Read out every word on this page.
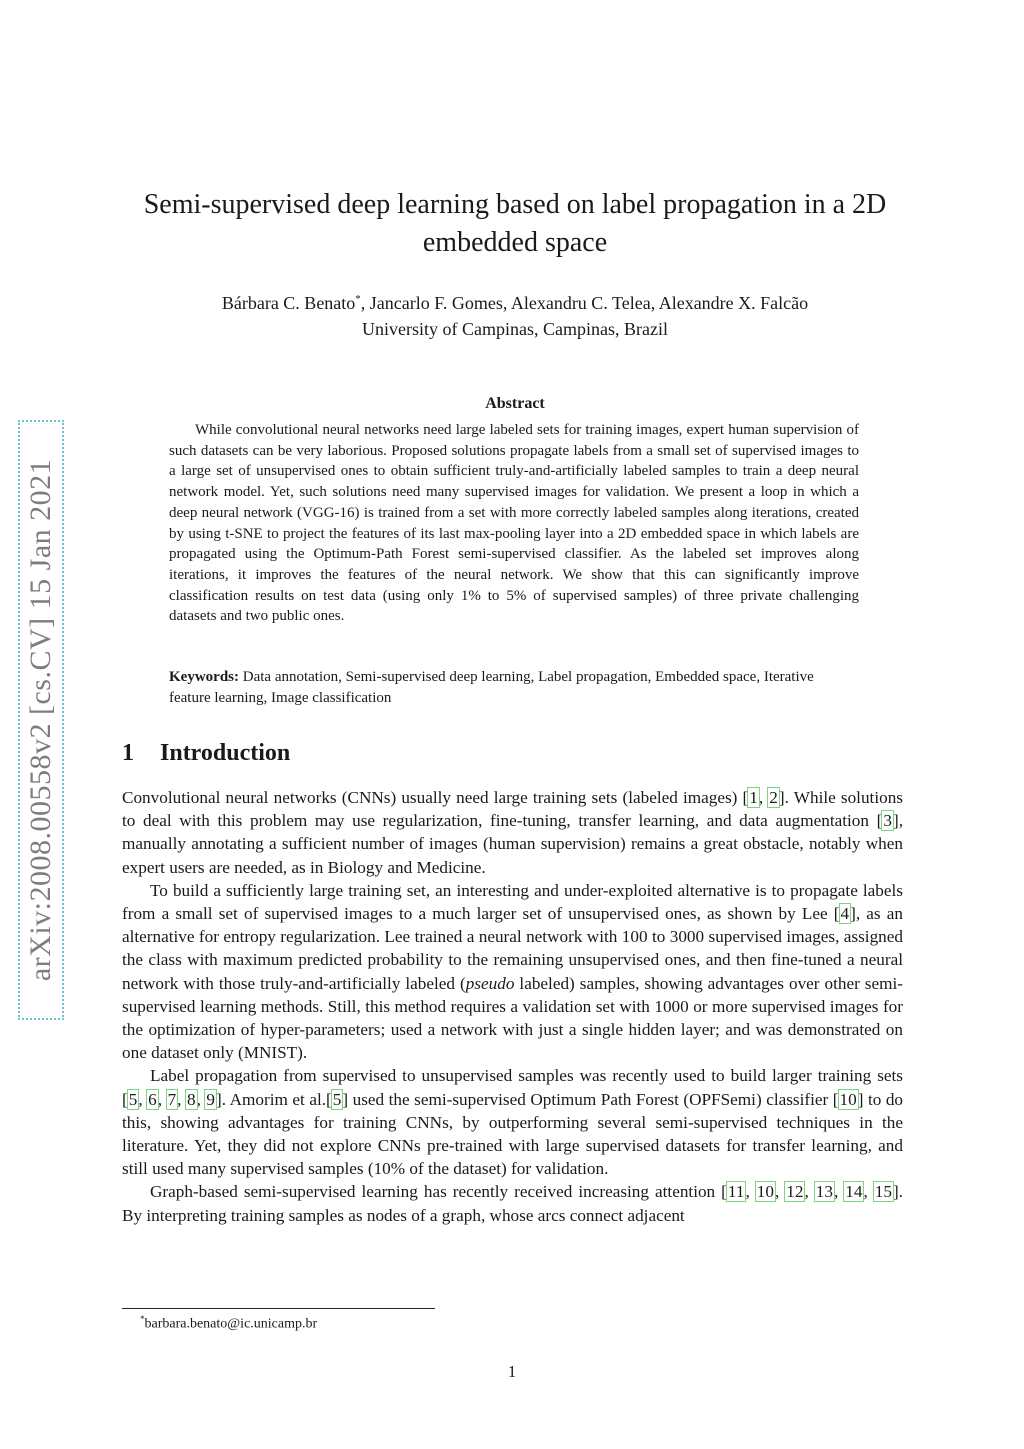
arXiv:2008.00558v2 [cs.CV] 15 Jan 2021
Semi-supervised deep learning based on label propagation in a 2D embedded space
Bárbara C. Benato*, Jancarlo F. Gomes, Alexandru C. Telea, Alexandre X. Falcão
University of Campinas, Campinas, Brazil
Abstract
While convolutional neural networks need large labeled sets for training images, expert human supervision of such datasets can be very laborious. Proposed solutions propagate labels from a small set of supervised images to a large set of unsupervised ones to obtain sufficient truly-and-artificially labeled samples to train a deep neural network model. Yet, such solutions need many supervised images for validation. We present a loop in which a deep neural network (VGG-16) is trained from a set with more correctly labeled samples along iterations, created by using t-SNE to project the features of its last max-pooling layer into a 2D embedded space in which labels are propagated using the Optimum-Path Forest semi-supervised classifier. As the labeled set improves along iterations, it improves the features of the neural network. We show that this can significantly improve classification results on test data (using only 1% to 5% of supervised samples) of three private challenging datasets and two public ones.
Keywords: Data annotation, Semi-supervised deep learning, Label propagation, Embedded space, Iterative feature learning, Image classification
1 Introduction

Convolutional neural networks (CNNs) usually need large training sets (labeled images) [1, 2]. While solutions to deal with this problem may use regularization, fine-tuning, transfer learning, and data augmentation [3], manually annotating a sufficient number of images (human supervision) remains a great obstacle, notably when expert users are needed, as in Biology and Medicine.

To build a sufficiently large training set, an interesting and under-exploited alternative is to propagate labels from a small set of supervised images to a much larger set of unsupervised ones, as shown by Lee [4], as an alternative for entropy regularization. Lee trained a neural network with 100 to 3000 supervised images, assigned the class with maximum predicted probability to the remaining unsupervised ones, and then fine-tuned a neural network with those truly-and-artificially labeled (pseudo labeled) samples, showing advantages over other semi-supervised learning methods. Still, this method requires a validation set with 1000 or more supervised images for the optimization of hyper-parameters; used a network with just a single hidden layer; and was demonstrated on one dataset only (MNIST).

Label propagation from supervised to unsupervised samples was recently used to build larger training sets [5, 6, 7, 8, 9]. Amorim et al.[5] used the semi-supervised Optimum Path Forest (OPFSemi) classifier [10] to do this, showing advantages for training CNNs, by outperforming several semi-supervised techniques in the literature. Yet, they did not explore CNNs pre-trained with large supervised datasets for transfer learning, and still used many supervised samples (10% of the dataset) for validation.

Graph-based semi-supervised learning has recently received increasing attention [11, 10, 12, 13, 14, 15]. By interpreting training samples as nodes of a graph, whose arcs connect adjacent

*barbara.benato@ic.unicamp.br
1
